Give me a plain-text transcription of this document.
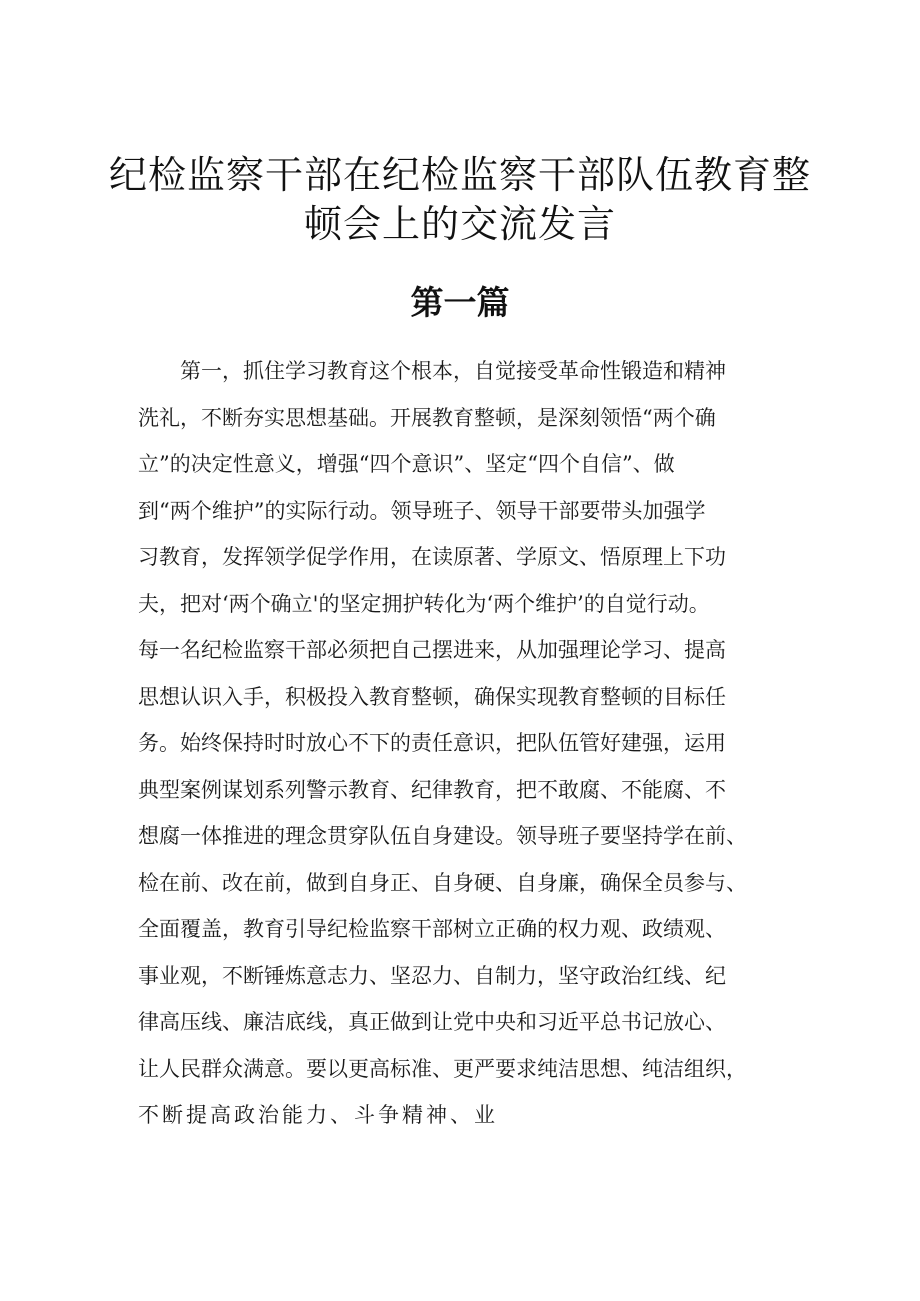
纪检监察干部在纪检监察干部队伍教育整
顿会上的交流发言
第一篇

第一，抓住学习教育这个根本，自觉接受革命性锻造和精神

洗礼，不断夯实思想基础。开展教育整顿，是深刻领悟“两个确

立”的决定性意义，增强“四个意识”、坚定“四个自信”、做

到“两个维护”的实际行动。领导班子、领导干部要带头加强学

习教育，发挥领学促学作用，在读原著、学原文、悟原理上下功

夫，把对‘两个确立'的坚定拥护转化为‘两个维护’的自觉行动。

每一名纪检监察干部必须把自己摆进来，从加强理论学习、提高

思想认识入手，积极投入教育整顿，确保实现教育整顿的目标任

务。始终保持时时放心不下的责任意识，把队伍管好建强，运用

典型案例谋划系列警示教育、纪律教育，把不敢腐、不能腐、不

想腐一体推进的理念贯穿队伍自身建设。领导班子要坚持学在前、

检在前、改在前，做到自身正、自身硬、自身廉，确保全员参与、

全面覆盖，教育引导纪检监察干部树立正确的权力观、政绩观、

事业观，不断锤炼意志力、坚忍力、自制力，坚守政治红线、纪

律高压线、廉洁底线，真正做到让党中央和习近平总书记放心、

让人民群众满意。要以更高标准、更严要求纯洁思想、纯洁组织，

不断提高政治能力、斗争精神、业
